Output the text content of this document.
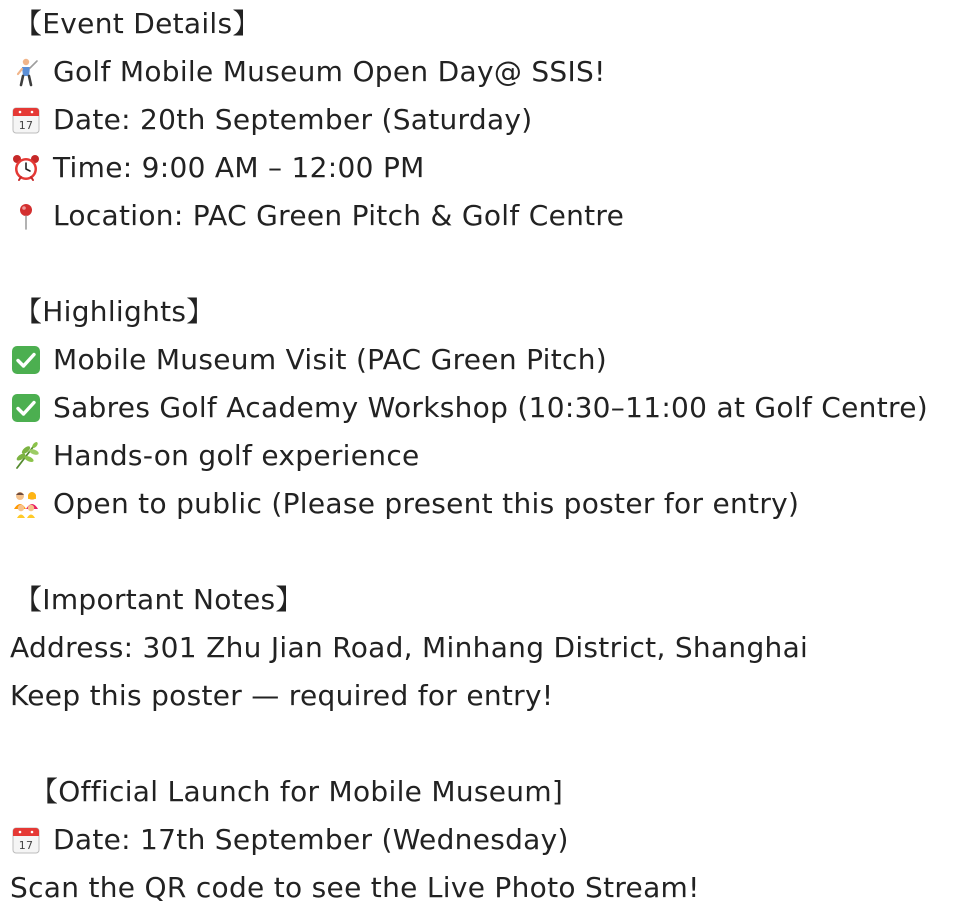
【Event Details】
Golf Mobile Museum Open Day@ SSIS!
17 Date: 20th September (Saturday)
Time: 9:00 AM – 12:00 PM
Location: PAC Green Pitch & Golf Centre
【Highlights】
Mobile Museum Visit (PAC Green Pitch)
Sabres Golf Academy Workshop (10:30–11:00 at Golf Centre)
Hands-on golf experience
Open to public (Please present this poster for entry)
【Important Notes】
Address: 301 Zhu Jian Road, Minhang District, Shanghai
Keep this poster — required for entry!
【Official Launch for Mobile Museum]
17 Date: 17th September (Wednesday)
Scan the QR code to see the Live Photo Stream!
